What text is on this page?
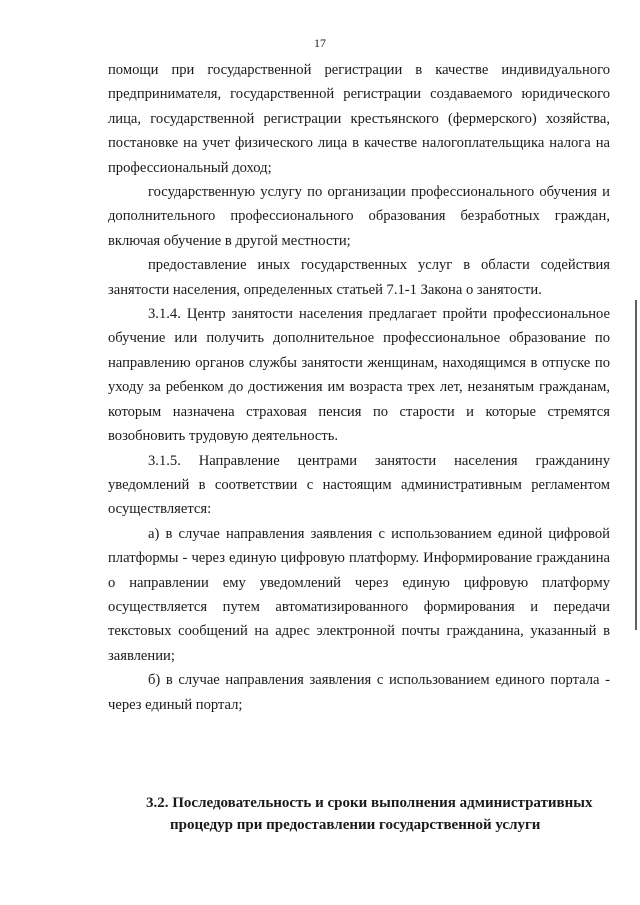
17

помощи при государственной регистрации в качестве индивидуального предпринимателя, государственной регистрации создаваемого юридического лица, государственной регистрации крестьянского (фермерского) хозяйства, постановке на учет физического лица в качестве налогоплательщика налога на профессиональный доход;

государственную услугу по организации профессионального обучения и дополнительного профессионального образования безработных граждан, включая обучение в другой местности;

предоставление иных государственных услуг в области содействия занятости населения, определенных статьей 7.1-1 Закона о занятости.

3.1.4. Центр занятости населения предлагает пройти профессиональное обучение или получить дополнительное профессиональное образование по направлению органов службы занятости женщинам, находящимся в отпуске по уходу за ребенком до достижения им возраста трех лет, незанятым гражданам, которым назначена страховая пенсия по старости и которые стремятся возобновить трудовую деятельность.

3.1.5. Направление центрами занятости населения гражданину уведомлений в соответствии с настоящим административным регламентом осуществляется:

а) в случае направления заявления с использованием единой цифровой платформы - через единую цифровую платформу. Информирование гражданина о направлении ему уведомлений через единую цифровую платформу осуществляется путем автоматизированного формирования и передачи текстовых сообщений на адрес электронной почты гражданина, указанный в заявлении;

б) в случае направления заявления с использованием единого портала - через единый портал;

3.2. Последовательность и сроки выполнения административных
процедур при предоставлении государственной услуги
